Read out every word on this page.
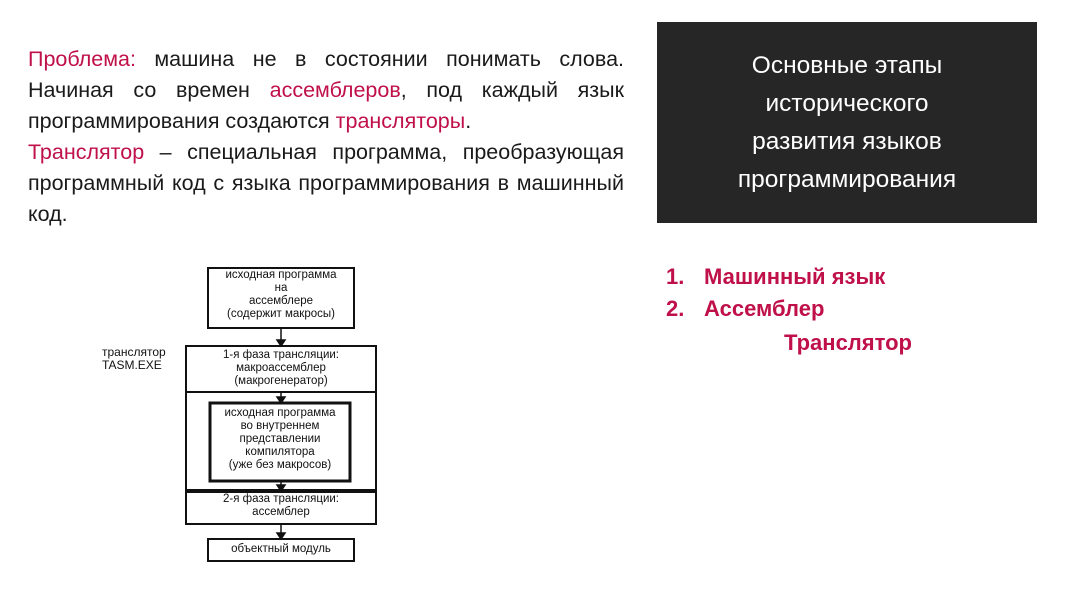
Проблема: машина не в состоянии понимать слова. Начиная со времен ассемблеров, под каждый язык программирования создаются трансляторы.

Транслятор – специальная программа, преобразующая программный код с языка программирования в машинный код.

Основные этапы
исторического
развития языков
программирования
1. Машинный язык
2. Ассемблер
Транслятор
транслятор
TASM.EXE
исходная программа
на
ассемблере
(содержит макросы)
1-я фаза трансляции:
макроассемблер
(макрогенератор)
исходная программа
во внутреннем
представлении
компилятора
(уже без макросов)
2-я фаза трансляции:
ассемблер
объектный модуль
